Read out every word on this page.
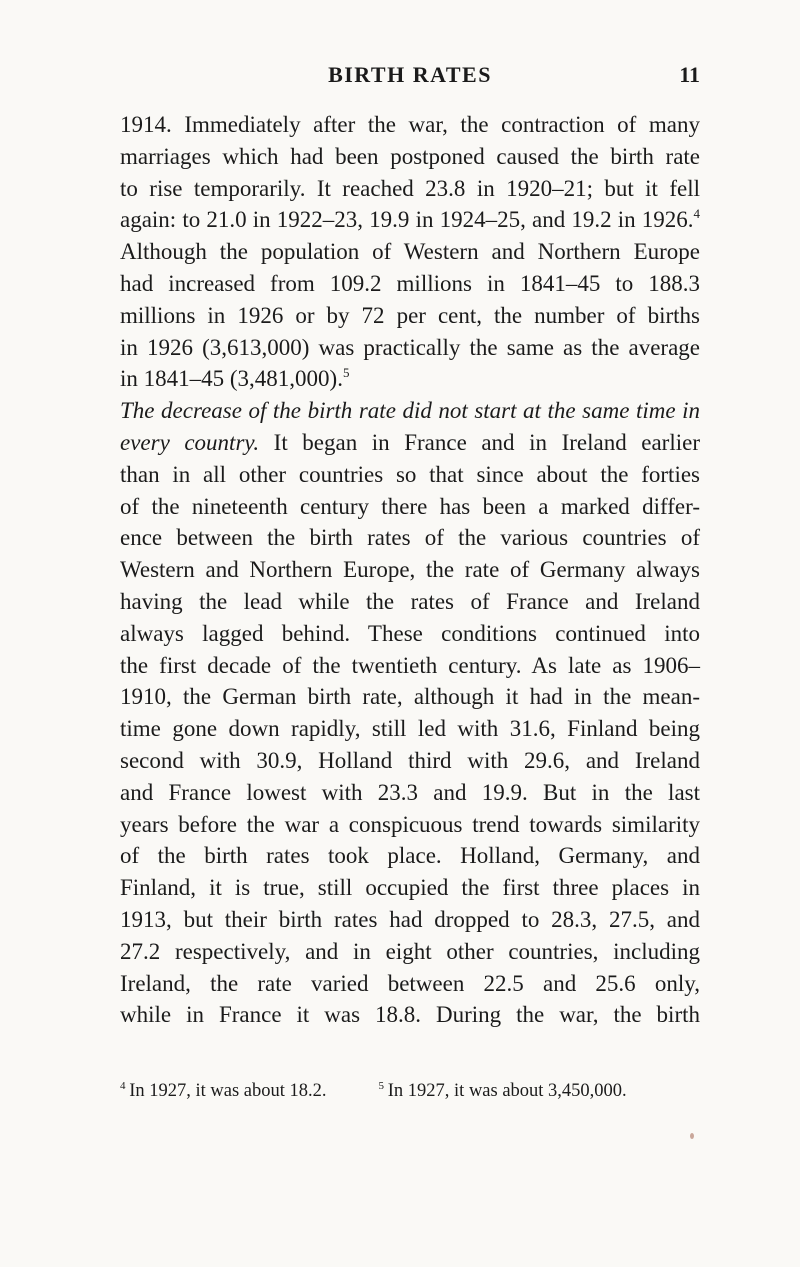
BIRTH RATES	11
1914. Immediately after the war, the contraction of many
marriages which had been postponed caused the birth rate
to rise temporarily. It reached 23.8 in 1920–21; but it fell
again: to 21.0 in 1922–23, 19.9 in 1924–25, and 19.2 in 1926.$^4$
Although the population of Western and Northern Europe
had increased from 109.2 millions in 1841–45 to 188.3
millions in 1926 or by 72 per cent, the number of births
in 1926 (3,613,000) was practically the same as the average
in 1841–45 (3,481,000).$^5$
The decrease of the birth rate did not start at the same time in
every country. It began in France and in Ireland earlier
than in all other countries so that since about the forties
of the nineteenth century there has been a marked differ-
ence between the birth rates of the various countries of
Western and Northern Europe, the rate of Germany always
having the lead while the rates of France and Ireland
always lagged behind. These conditions continued into
the first decade of the twentieth century. As late as 1906–
1910, the German birth rate, although it had in the mean-
time gone down rapidly, still led with 31.6, Finland being
second with 30.9, Holland third with 29.6, and Ireland
and France lowest with 23.3 and 19.9. But in the last
years before the war a conspicuous trend towards similarity
of the birth rates took place. Holland, Germany, and
Finland, it is true, still occupied the first three places in
1913, but their birth rates had dropped to 28.3, 27.5, and
27.2 respectively, and in eight other countries, including
Ireland, the rate varied between 22.5 and 25.6 only,
while in France it was 18.8. During the war, the birth
$^4$  In 1927, it was about 18.2.	$^5$  In 1927, it was about 3,450,000.
